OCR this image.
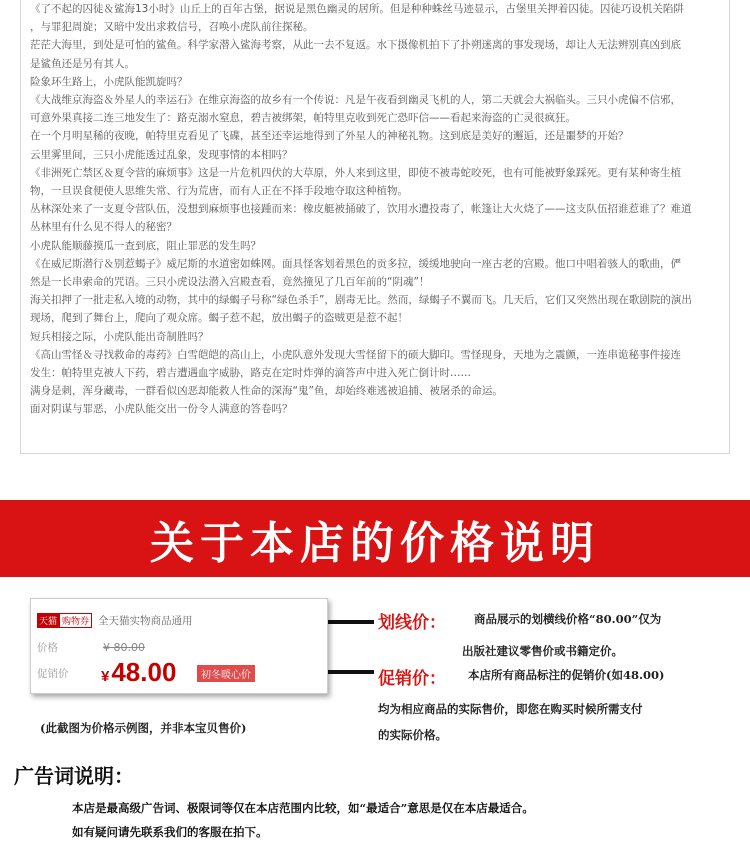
《了不起的囚徒＆鲨海13小时》山丘上的百年古堡，据说是黑色幽灵的居所。但是种种蛛丝马迹显示，古堡里关押着囚徒。囚徒巧设机关陷阱

，与罪犯周旋；又暗中发出求救信号，召唤小虎队前往探秘。

茫茫大海里，到处是可怕的鲨鱼。科学家潜入鲨海考察，从此一去不复返。水下摄像机拍下了扑朔迷离的事发现场，却让人无法辨别真凶到底

是鲨鱼还是另有其人。

险象环生路上，小虎队能凯旋吗？

《大战维京海盗＆外星人的幸运石》在维京海盗的故乡有一个传说：凡是午夜看到幽灵飞机的人，第二天就会大祸临头。三只小虎偏不信邪，

可意外果真接二连三地发生了：路克溺水窒息，碧吉被绑架，帕特里克收到死亡恐吓信——看起来海盗的亡灵很疯狂。

在一个月明星稀的夜晚，帕特里克看见了飞碟，甚至还幸运地得到了外星人的神秘礼物。这到底是美好的邂逅，还是噩梦的开始？

云里雾里间，三只小虎能透过乱象，发现事情的本相吗？

《非洲死亡禁区＆夏令营的麻烦事》这是一片危机四伏的大草原，外人来到这里，即使不被毒蛇咬死，也有可能被野象踩死。更有某种寄生植

物，一旦误食便使人思维失常、行为荒唐，而有人正在不择手段地夺取这种植物。

丛林深处来了一支夏令营队伍，没想到麻烦事也接踵而来：橡皮艇被捅破了，饮用水遭投毒了，帐篷让大火烧了——这支队伍招谁惹谁了？难道

丛林里有什么见不得人的秘密？

小虎队能顺藤摸瓜一查到底，阻止罪恶的发生吗？

《在威尼斯潜行＆别惹蝎子》威尼斯的水道密如蛛网。面具怪客划着黑色的贡多拉，缓缓地驶向一座古老的宫殿。他口中唱着骇人的歌曲，俨

然是一长串索命的咒语。三只小虎设法潜入宫殿查看，竟然撞见了几百年前的“阴魂”！

海关扣押了一批走私入境的动物，其中的绿蝎子号称“绿色杀手”，剧毒无比。然而，绿蝎子不翼而飞。几天后，它们又突然出现在歌剧院的演出

现场，爬到了舞台上，爬向了观众席。蝎子惹不起，放出蝎子的盗贼更是惹不起！

短兵相接之际，小虎队能出奇制胜吗？

《高山雪怪＆寻找救命的毒药》白雪皑皑的高山上，小虎队意外发现大雪怪留下的硕大脚印。雪怪现身，天地为之震颤，一连串诡秘事件接连

发生：帕特里克被人下药，碧吉遭遇血字威胁，路克在定时炸弹的滴答声中进入死亡倒计时……

满身是刺，浑身藏毒，一群看似凶恶却能救人性命的深海“鬼”鱼，却始终难逃被追捕、被屠杀的命运。

面对阴谋与罪恶，小虎队能交出一份令人满意的答卷吗？

关于本店的价格说明
天猫 购物券 全天猫实物商品通用
价格	¥ 80.00
促销价 ¥48.00	初冬暖心价
(此截图为价格示例图，并非本宝贝售价)
划线价： 商品展示的划横线价格“80.00”仅为
出版社建议零售价或书籍定价。
促销价： 本店所有商品标注的促销价(如48.00)
均为相应商品的实际售价，即您在购买时候所需支付
的实际价格。
广告词说明：
本店是最高级广告词、极限词等仅在本店范围内比较，如“最适合”意思是仅在本店最适合。
如有疑问请先联系我们的客服在拍下。
